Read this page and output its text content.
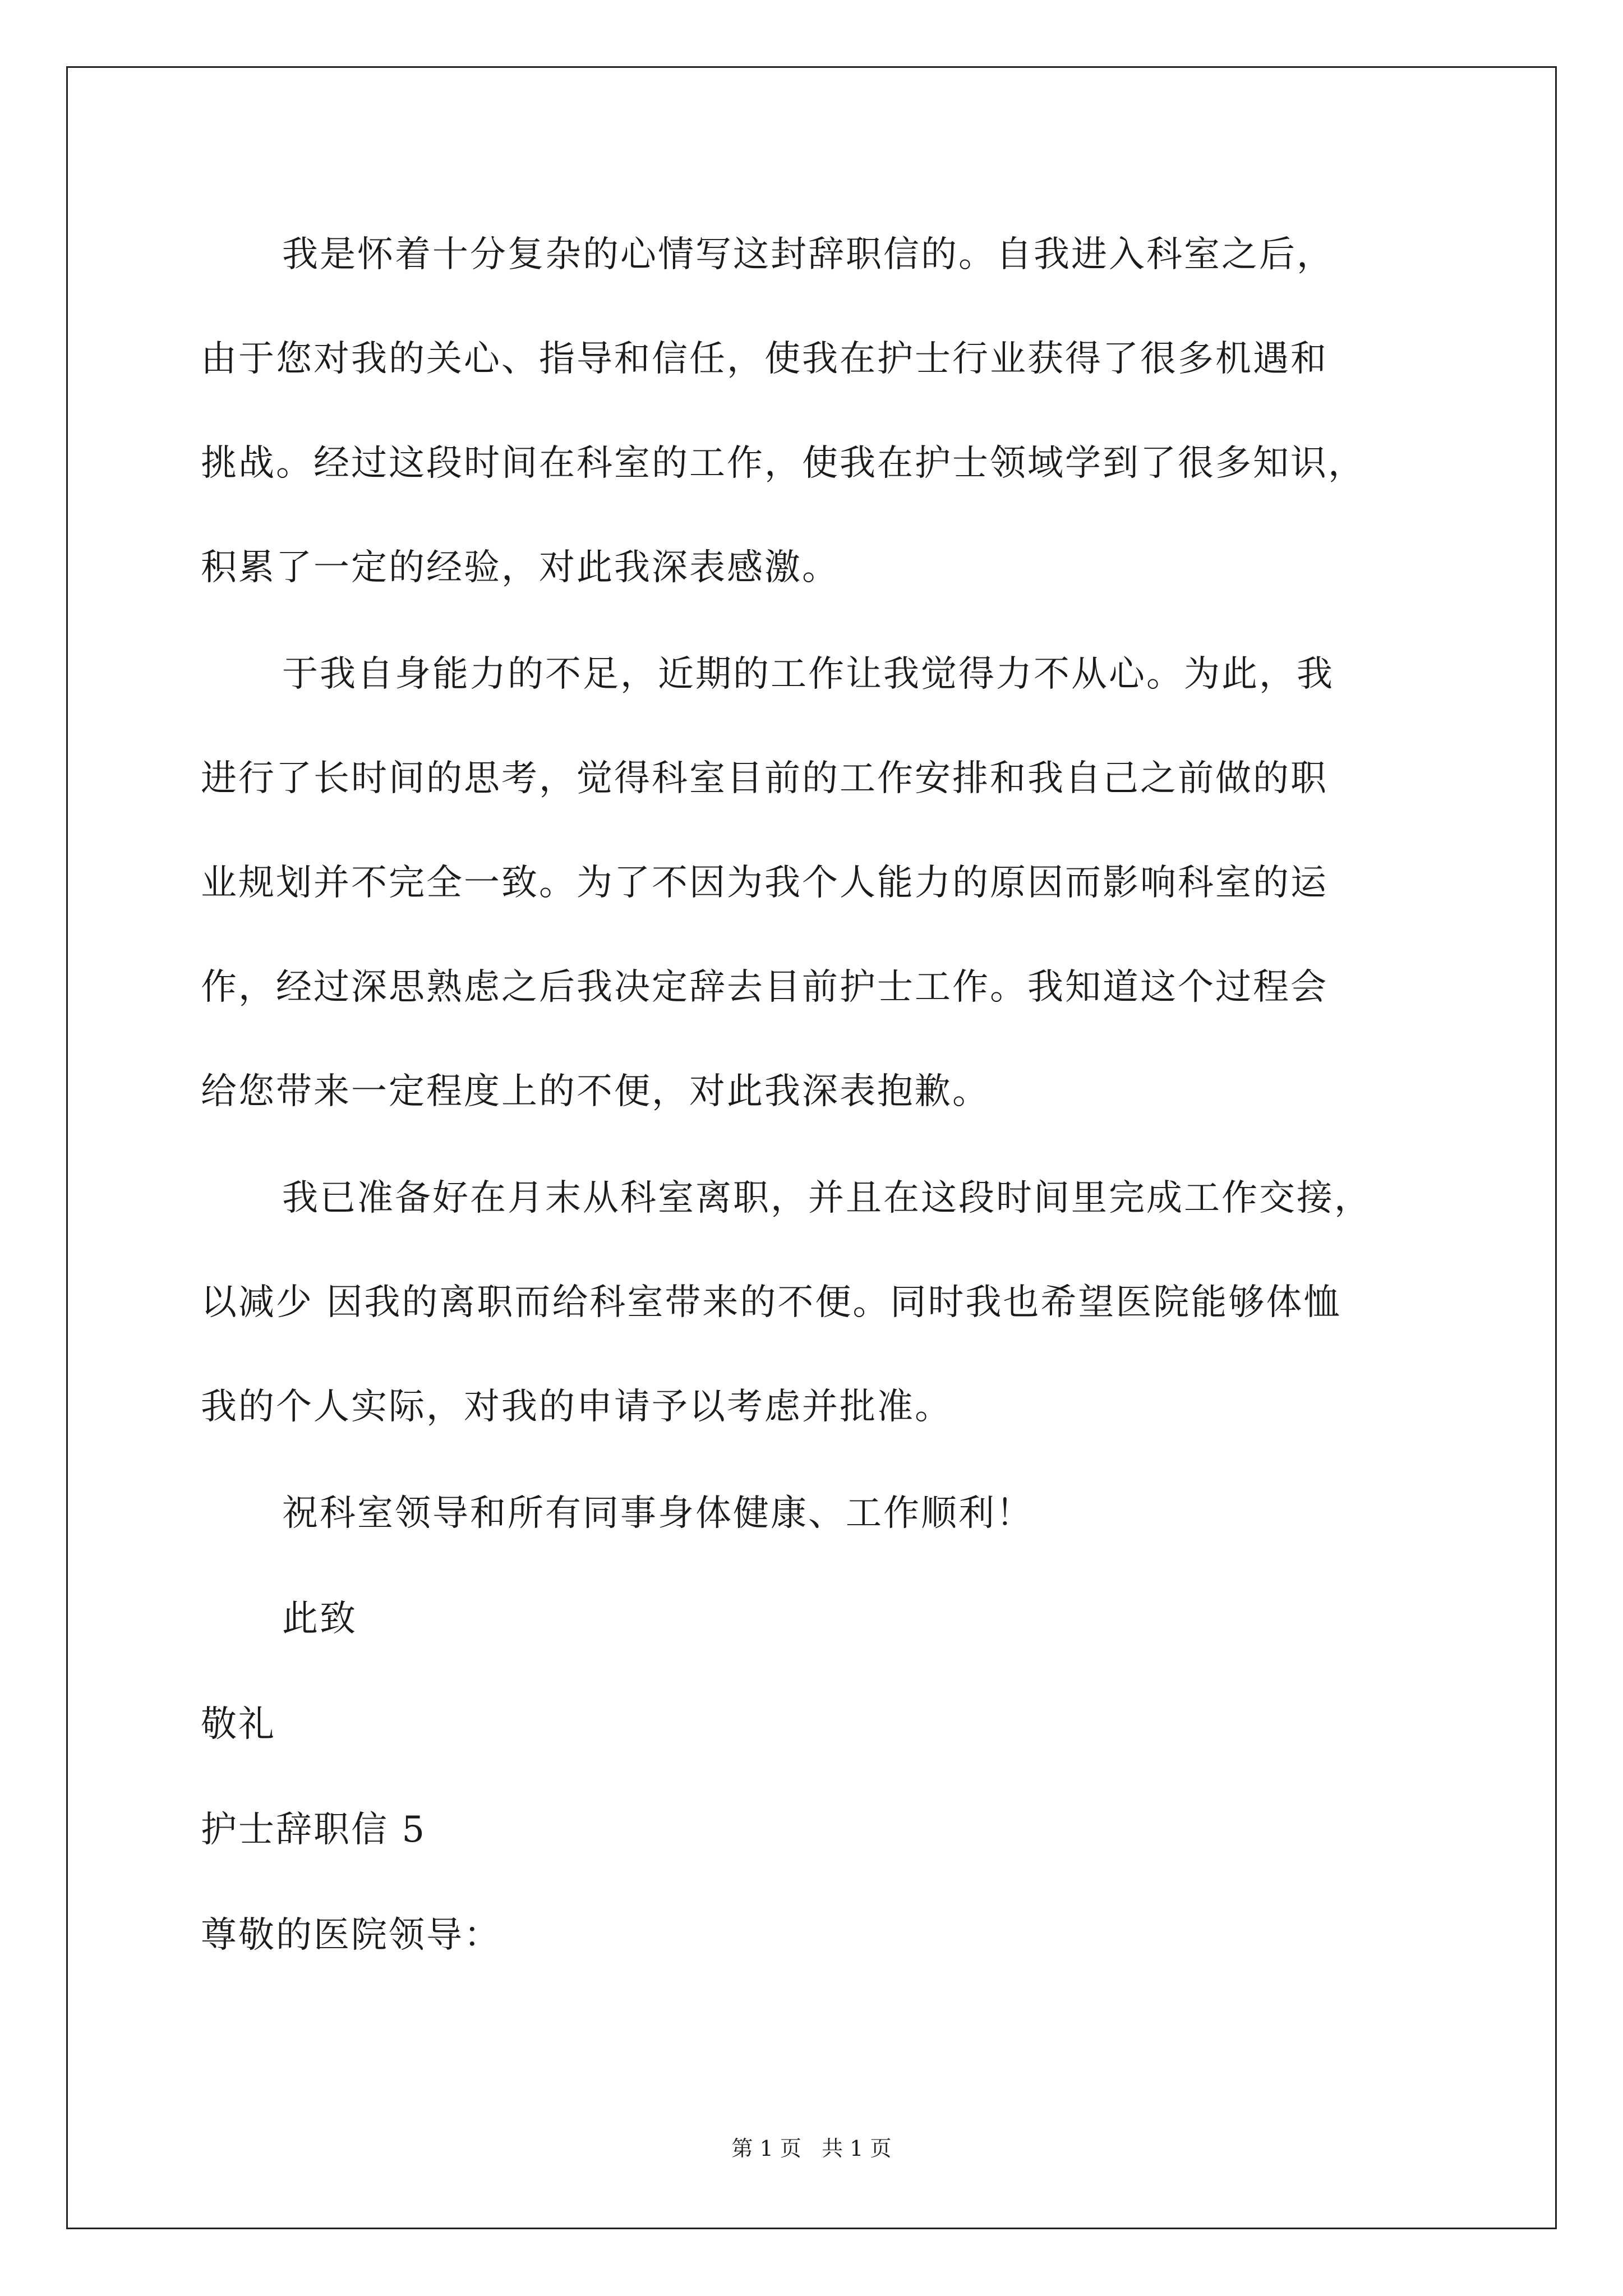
我是怀着十分复杂的心情写这封辞职信的。自我进入科室之后，
由于您对我的关心、指导和信任，使我在护士行业获得了很多机遇和
挑战。经过这段时间在科室的工作，使我在护士领域学到了很多知识，
积累了一定的经验，对此我深表感激。
于我自身能力的不足，近期的工作让我觉得力不从心。为此，我
进行了长时间的思考，觉得科室目前的工作安排和我自己之前做的职
业规划并不完全一致。为了不因为我个人能力的原因而影响科室的运
作，经过深思熟虑之后我决定辞去目前护士工作。我知道这个过程会
给您带来一定程度上的不便，对此我深表抱歉。
我已准备好在月末从科室离职，并且在这段时间里完成工作交接，
以减少 因我的离职而给科室带来的不便。同时我也希望医院能够体恤
我的个人实际，对我的申请予以考虑并批准。
祝科室领导和所有同事身体健康、工作顺利！
此致
敬礼
护士辞职信 5
尊敬的医院领导：
第 1 页   共 1 页
